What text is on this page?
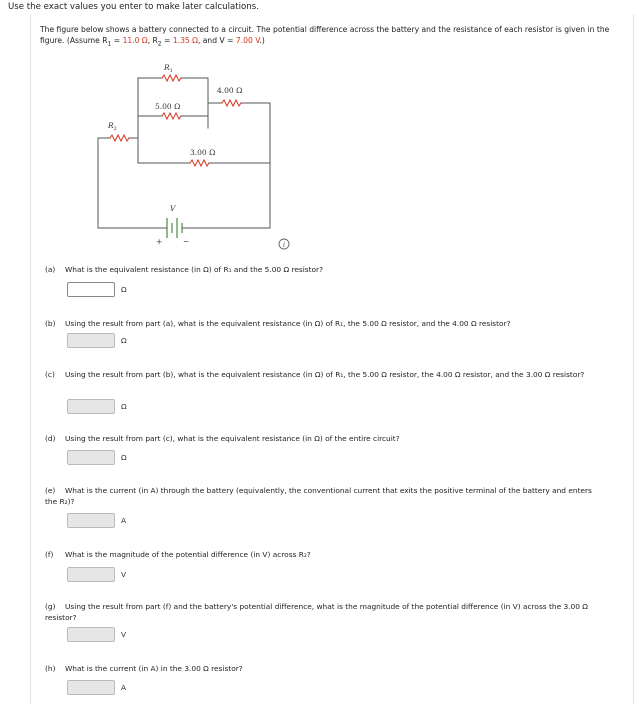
Use the exact values you enter to make later calculations.
The figure below shows a battery connected to a circuit. The potential difference across the battery and the resistance of each resistor is given in the figure. (Assume $R_1 = 11.0$ Ω, $R_2 = 1.35$ Ω, and V = 7.00 V.)
$R_1$
$R_2$
5.00 Ω
4.00 Ω
3.00 Ω
V
+	−	i
(a) What is the equivalent resistance (in Ω) of R₁ and the 5.00 Ω resistor?
Ω
(b) Using the result from part (a), what is the equivalent resistance (in Ω) of R₁, the 5.00 Ω resistor, and the 4.00 Ω resistor?
Ω
(c) Using the result from part (b), what is the equivalent resistance (in Ω) of R₁, the 5.00 Ω resistor, the 4.00 Ω resistor, and the 3.00 Ω resistor?
Ω
(d) Using the result from part (c), what is the equivalent resistance (in Ω) of the entire circuit?
Ω
(e) What is the current (in A) through the battery (equivalently, the conventional current that exits the positive terminal of the battery and enters the R₂)?
A
(f) What is the magnitude of the potential difference (in V) across R₂?
V
(g) Using the result from part (f) and the battery's potential difference, what is the magnitude of the potential difference (in V) across the 3.00 Ω resistor?
V
(h) What is the current (in A) in the 3.00 Ω resistor?
A
